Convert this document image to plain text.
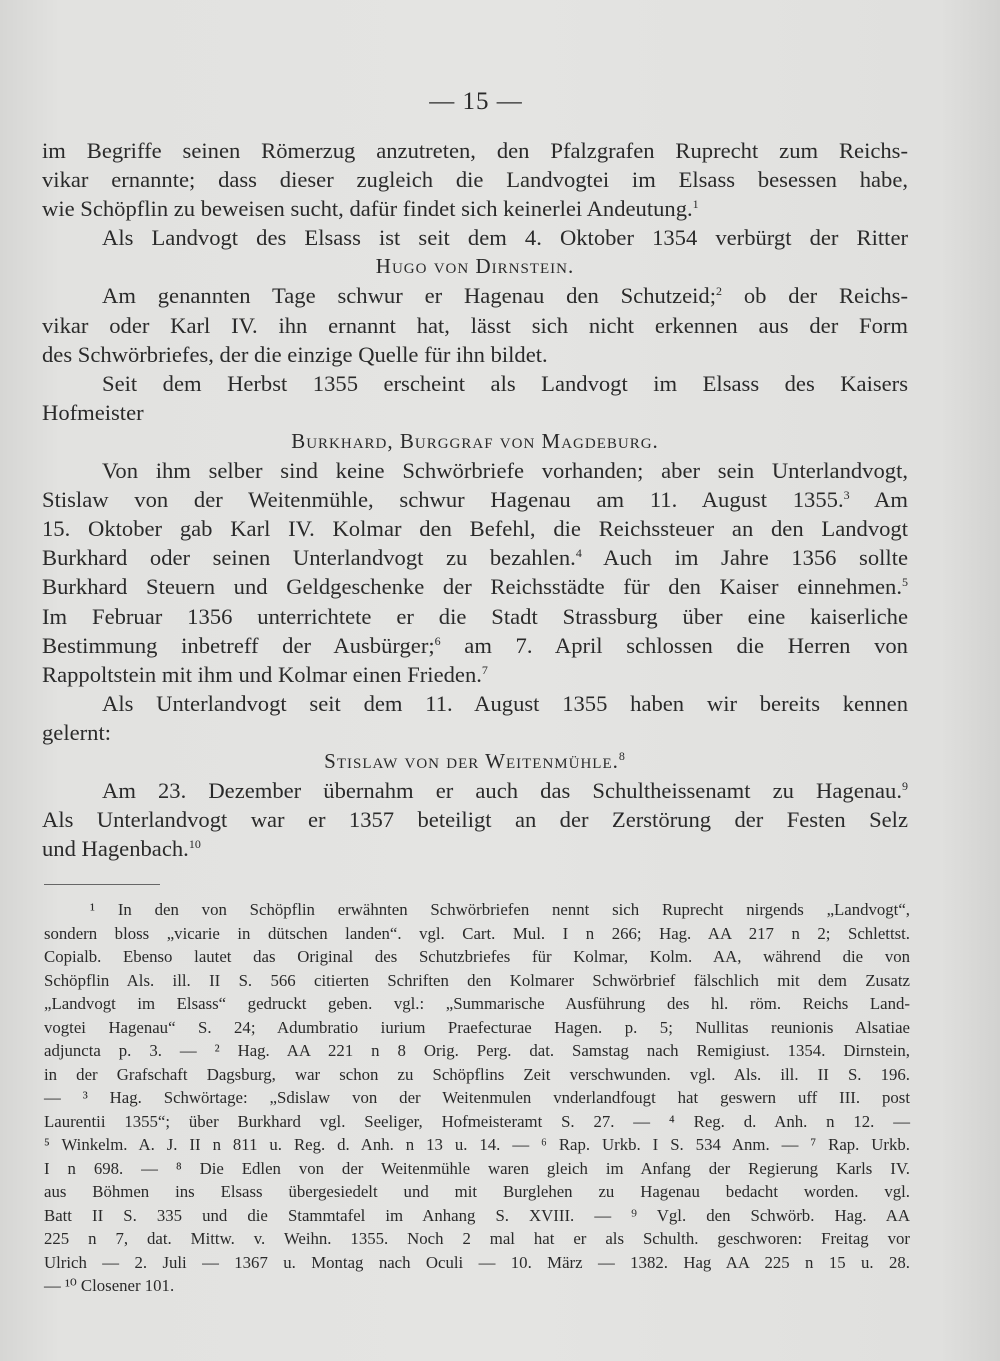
— 15 —

im Begriffe seinen Römerzug anzutreten, den Pfalzgrafen Ruprecht zum Reichs-
vikar ernannte; dass dieser zugleich die Landvogtei im Elsass besessen habe,
wie Schöpflin zu beweisen sucht, dafür findet sich keinerlei Andeutung.$^1$

Als Landvogt des Elsass ist seit dem 4. Oktober 1354 verbürgt der Ritter

Hugo von Dirnstein.

Am genannten Tage schwur er Hagenau den Schutzeid;$^2$ ob der Reichs-
vikar oder Karl IV. ihn ernannt hat, lässt sich nicht erkennen aus der Form
des Schwörbriefes, der die einzige Quelle für ihn bildet.

Seit dem Herbst 1355 erscheint als Landvogt im Elsass des Kaisers
Hofmeister

Burkhard, Burggraf von Magdeburg.

Von ihm selber sind keine Schwörbriefe vorhanden; aber sein Unterlandvogt,
Stislaw von der Weitenmühle, schwur Hagenau am 11. August 1355.$^3$ Am
15. Oktober gab Karl IV. Kolmar den Befehl, die Reichssteuer an den Landvogt
Burkhard oder seinen Unterlandvogt zu bezahlen.$^4$ Auch im Jahre 1356 sollte
Burkhard Steuern und Geldgeschenke der Reichsstädte für den Kaiser einnehmen.$^5$
Im Februar 1356 unterrichtete er die Stadt Strassburg über eine kaiserliche
Bestimmung inbetreff der Ausbürger;$^6$ am 7. April schlossen die Herren von
Rappoltstein mit ihm und Kolmar einen Frieden.$^7$

Als Unterlandvogt seit dem 11. August 1355 haben wir bereits kennen
gelernt:

Stislaw von der Weitenmühle.$^8$

Am 23. Dezember übernahm er auch das Schultheissenamt zu Hagenau.$^9$
Als Unterlandvogt war er 1357 beteiligt an der Zerstörung der Festen Selz
und Hagenbach.$^{10}$

¹ In den von Schöpflin erwähnten Schwörbriefen nennt sich Ruprecht nirgends „Landvogt“,
sondern bloss „vicarie in dütschen landen“. vgl. Cart. Mul. I n 266; Hag. AA 217 n 2; Schlettst.
Copialb. Ebenso lautet das Original des Schutzbriefes für Kolmar, Kolm. AA, während die von
Schöpflin Als. ill. II S. 566 citierten Schriften den Kolmarer Schwörbrief fälschlich mit dem Zusatz
„Landvogt im Elsass“ gedruckt geben. vgl.: „Summarische Ausführung des hl. röm. Reichs Land-
vogtei Hagenau“ S. 24; Adumbratio iurium Praefecturae Hagen. p. 5; Nullitas reunionis Alsatiae
adjuncta p. 3. — ² Hag. AA 221 n 8 Orig. Perg. dat. Samstag nach Remigiust. 1354. Dirnstein,
in der Grafschaft Dagsburg, war schon zu Schöpflins Zeit verschwunden. vgl. Als. ill. II S. 196.
— ³ Hag. Schwörtage: „Sdislaw von der Weitenmulen vnderlandfougt hat geswern uff III. post
Laurentii 1355“; über Burkhard vgl. Seeliger, Hofmeisteramt S. 27. — ⁴ Reg. d. Anh. n 12. —
⁵ Winkelm. A. J. II n 811 u. Reg. d. Anh. n 13 u. 14. — ⁶ Rap. Urkb. I S. 534 Anm. — ⁷ Rap. Urkb.
I n 698. — ⁸ Die Edlen von der Weitenmühle waren gleich im Anfang der Regierung Karls IV.
aus Böhmen ins Elsass übergesiedelt und mit Burglehen zu Hagenau bedacht worden. vgl.
Batt II S. 335 und die Stammtafel im Anhang S. XVIII. — ⁹ Vgl. den Schwörb. Hag. AA
225 n 7, dat. Mittw. v. Weihn. 1355. Noch 2 mal hat er als Schulth. geschworen: Freitag vor
Ulrich — 2. Juli — 1367 u. Montag nach Oculi — 10. März — 1382. Hag AA 225 n 15 u. 28.
— ¹⁰ Closener 101.
